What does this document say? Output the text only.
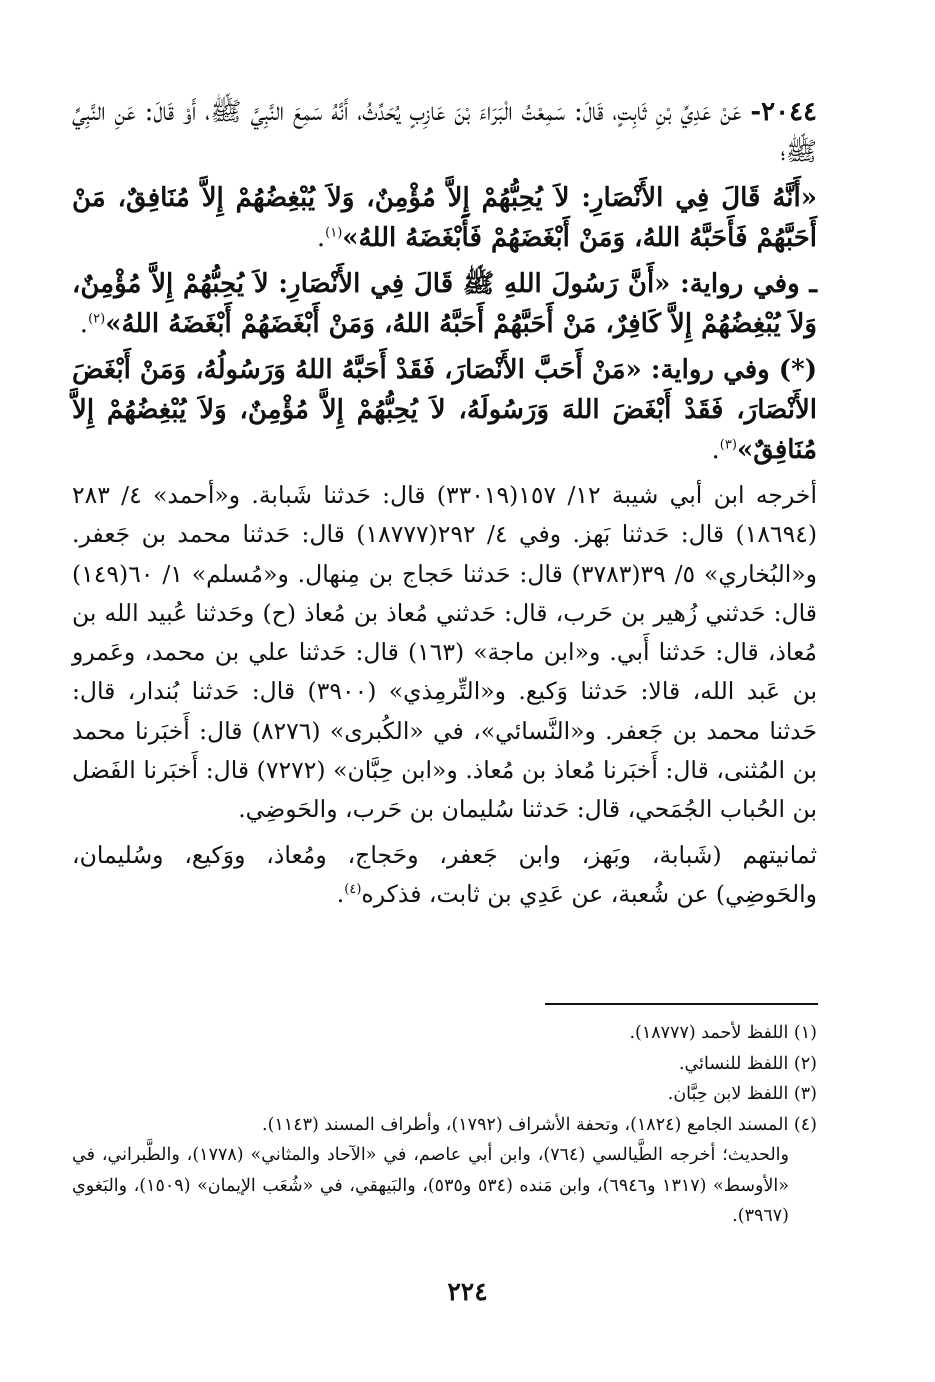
٢٠٤٤- عَنْ عَدِيِّ بْنِ ثَابِتٍ، قَالَ: سَمِعْتُ الْبَرَاءَ بْنَ عَازِبٍ يُحَدِّثُ، أَنَّهُ سَمِعَ النَّبِيَّ ﷺ، أَوْ قَالَ: عَنِ النَّبِيِّ ﷺ؛

«أَنَّهُ قَالَ فِي الأَنْصَارِ: لاَ يُحِبُّهُمْ إِلاَّ مُؤْمِنٌ، وَلاَ يُبْغِضُهُمْ إِلاَّ مُنَافِقٌ، مَنْ أَحَبَّهُمْ فَأَحَبَّهُ اللهُ، وَمَنْ أَبْغَضَهُمْ فَأَبْغَضَهُ اللهُ»$^{(١)}$.

ـ وفي رواية: «أَنَّ رَسُولَ اللهِ ﷺ قَالَ فِي الأَنْصَارِ: لاَ يُحِبُّهُمْ إِلاَّ مُؤْمِنٌ، وَلاَ يُبْغِضُهُمْ إِلاَّ كَافِرٌ، مَنْ أَحَبَّهُمْ أَحَبَّهُ اللهُ، وَمَنْ أَبْغَضَهُمْ أَبْغَضَهُ اللهُ»$^{(٢)}$.

(*) وفي رواية: «مَنْ أَحَبَّ الأَنْصَارَ، فَقَدْ أَحَبَّهُ اللهُ وَرَسُولُهُ، وَمَنْ أَبْغَضَ الأَنْصَارَ، فَقَدْ أَبْغَضَ اللهَ وَرَسُولَهُ، لاَ يُحِبُّهُمْ إِلاَّ مُؤْمِنٌ، وَلاَ يُبْغِضُهُمْ إِلاَّ مُنَافِقٌ»$^{(٣)}$.

أخرجه ابن أبي شيبة ١٢/ ١٥٧(٣٣٠١٩) قال: حَدثنا شَبابة. و«أحمد» ٤/ ٢٨٣ (١٨٦٩٤) قال: حَدثنا بَهز. وفي ٤/ ٢٩٢(١٨٧٧٧) قال: حَدثنا محمد بن جَعفر. و«البُخاري» ٥/ ٣٩(٣٧٨٣) قال: حَدثنا حَجاج بن مِنهال. و«مُسلم» ١/ ٦٠(١٤٩) قال: حَدثني زُهير بن حَرب، قال: حَدثني مُعاذ بن مُعاذ (ح) وحَدثنا عُبيد الله بن مُعاذ، قال: حَدثنا أَبي. و«ابن ماجة» (١٦٣) قال: حَدثنا علي بن محمد، وعَمرو بن عَبد الله، قالا: حَدثنا وَكيع. و«التِّرمِذي» (٣٩٠٠) قال: حَدثنا بُندار، قال: حَدثنا محمد بن جَعفر. و«النَّسائي»، في «الكُبرى» (٨٢٧٦) قال: أَخبَرنا محمد بن المُثنى، قال: أَخبَرنا مُعاذ بن مُعاذ. و«ابن حِبَّان» (٧٢٧٢) قال: أَخبَرنا الفَضل بن الحُباب الجُمَحي، قال: حَدثنا سُليمان بن حَرب، والحَوضِي.

ثمانيتهم (شَبابة، وبَهز، وابن جَعفر، وحَجاج، ومُعاذ، ووَكيع، وسُليمان، والحَوضِي) عن شُعبة، عن عَدِي بن ثابت، فذكره$^{(٤)}$.

(١) اللفظ لأحمد (١٨٧٧٧).

(٢) اللفظ للنسائي.

(٣) اللفظ لابن حِبَّان.

(٤) المسند الجامع (١٨٢٤)، وتحفة الأشراف (١٧٩٢)، وأطراف المسند (١١٤٣).

والحديث؛ أخرجه الطَّيالسي (٧٦٤)، وابن أبي عاصم، في «الآحاد والمثاني» (١٧٧٨)، والطَّبراني، في «الأوسط» (١٣١٧ و٦٩٤٦)، وابن مَنده (٥٣٤ و٥٣٥)، والبَيهقي، في «شُعَب الإيمان» (١٥٠٩)، والبَغوي (٣٩٦٧).

٢٢٤
